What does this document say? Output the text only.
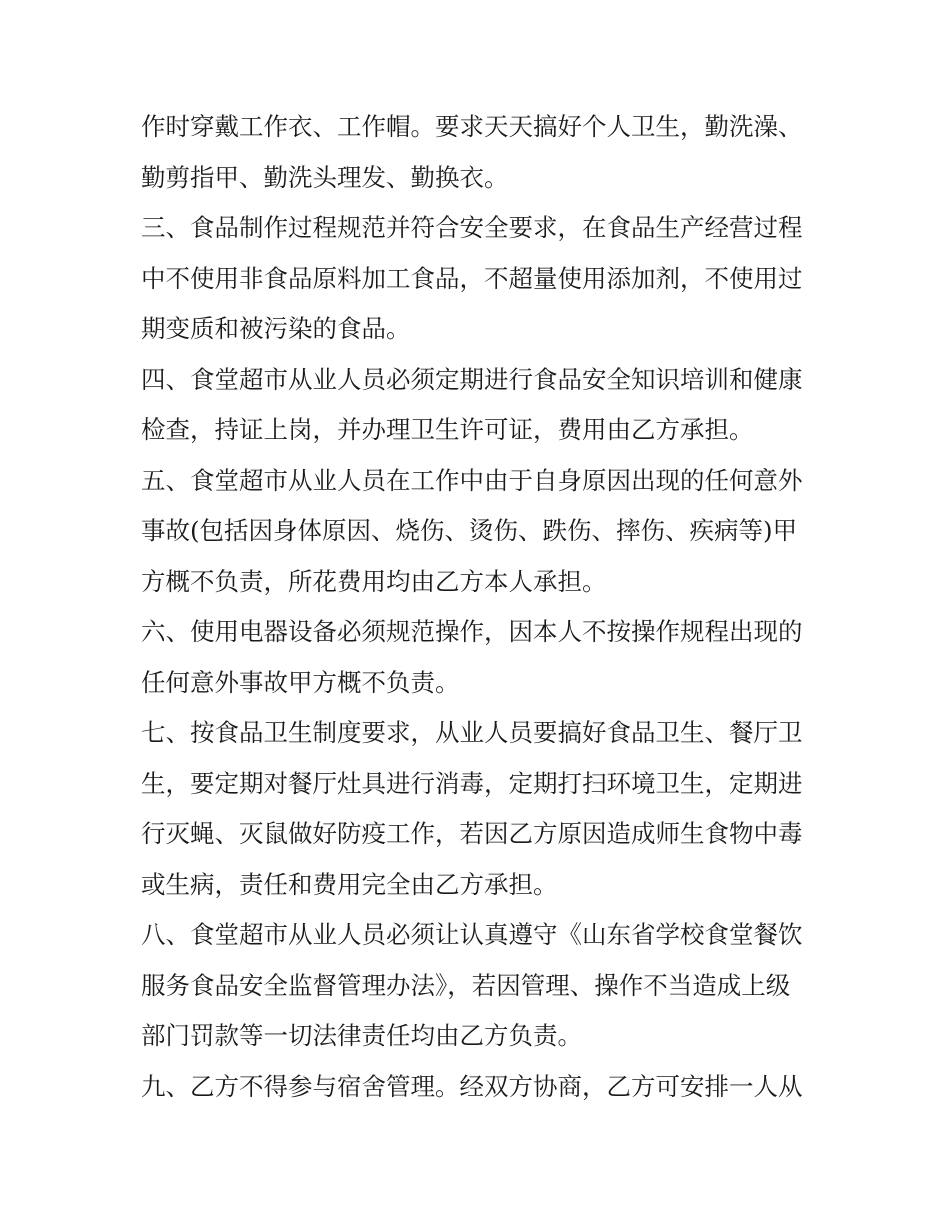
作时穿戴工作衣、工作帽。要求天天搞好个人卫生，勤洗澡、
勤剪指甲、勤洗头理发、勤换衣。
三、食品制作过程规范并符合安全要求，在食品生产经营过程
中不使用非食品原料加工食品，不超量使用添加剂，不使用过
期变质和被污染的食品。
四、食堂超市从业人员必须定期进行食品安全知识培训和健康
检查，持证上岗，并办理卫生许可证，费用由乙方承担。
五、食堂超市从业人员在工作中由于自身原因出现的任何意外
事故(包括因身体原因、烧伤、烫伤、跌伤、摔伤、疾病等)甲
方概不负责，所花费用均由乙方本人承担。
六、使用电器设备必须规范操作，因本人不按操作规程出现的
任何意外事故甲方概不负责。
七、按食品卫生制度要求，从业人员要搞好食品卫生、餐厅卫
生，要定期对餐厅灶具进行消毒，定期打扫环境卫生，定期进
行灭蝇、灭鼠做好防疫工作，若因乙方原因造成师生食物中毒
或生病，责任和费用完全由乙方承担。
八、食堂超市从业人员必须让认真遵守《山东省学校食堂餐饮
服务食品安全监督管理办法》，若因管理、操作不当造成上级
部门罚款等一切法律责任均由乙方负责。
九、乙方不得参与宿舍管理。经双方协商，乙方可安排一人从
